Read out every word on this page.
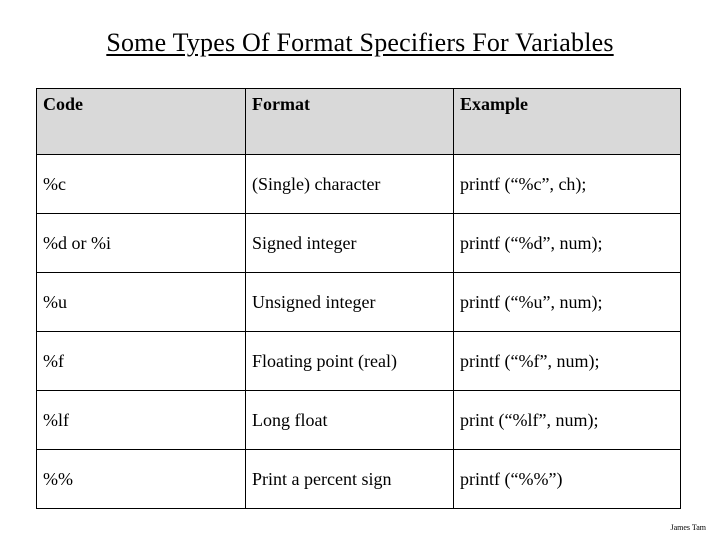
Some Types Of Format Specifiers For Variables
Code	Format	Example
%c	(Single) character	printf (“%c”, ch);
%d or %i	Signed integer	printf (“%d”, num);
%u	Unsigned integer	printf (“%u”, num);
%f	Floating point (real)	printf (“%f”, num);
%lf	Long float	print (“%lf”, num);
%%	Print a percent sign	printf (“%%”)
James Tam
